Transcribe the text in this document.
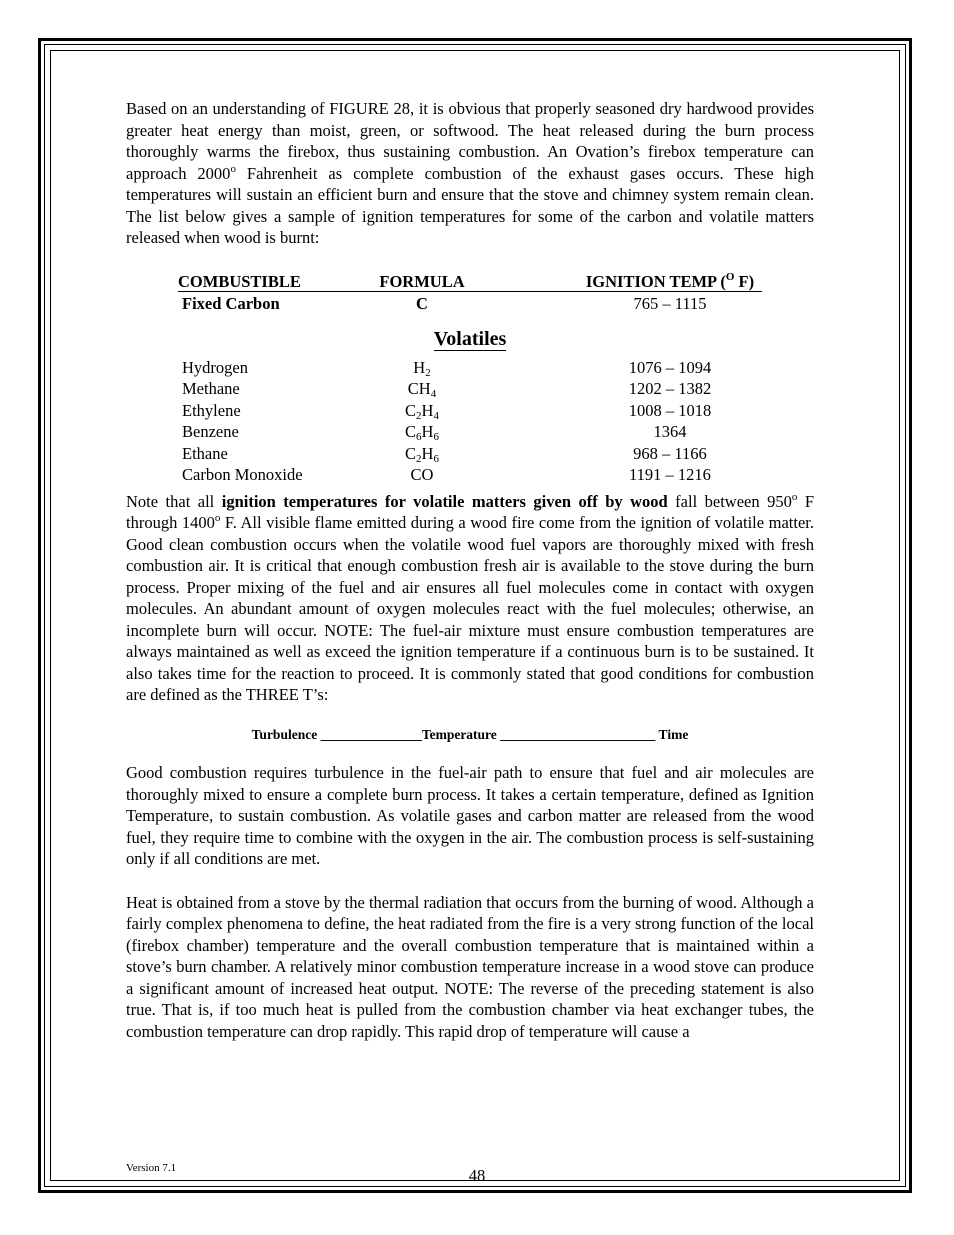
Based on an understanding of FIGURE 28, it is obvious that properly seasoned dry hardwood provides greater heat energy than moist, green, or softwood. The heat released during the burn process thoroughly warms the firebox, thus sustaining combustion. An Ovation’s firebox temperature can approach 2000$^o$ Fahrenheit as complete combustion of the exhaust gases occurs. These high temperatures will sustain an efficient burn and ensure that the stove and chimney system remain clean. The list below gives a sample of ignition temperatures for some of the carbon and volatile matters released when wood is burnt:

COMBUSTIBLE	FORMULA	IGNITION TEMP ($^O$ F)
Fixed Carbon	C	765 – 1115
Volatiles
Hydrogen	$H_2$	1076 – 1094
Methane	$CH_4$	1202 – 1382
Ethylene	$C_2H_4$	1008 – 1018
Benzene	$C_6H_6$	1364
Ethane	$C_2H_6$	968 – 1166
Carbon Monoxide	CO	1191 – 1216

Note that all ignition temperatures for volatile matters given off by wood fall between 950$^o$ F through 1400$^o$ F. All visible flame emitted during a wood fire come from the ignition of volatile matter. Good clean combustion occurs when the volatile wood fuel vapors are thoroughly mixed with fresh combustion air. It is critical that enough combustion fresh air is available to the stove during the burn process. Proper mixing of the fuel and air ensures all fuel molecules come in contact with oxygen molecules. An abundant amount of oxygen molecules react with the fuel molecules; otherwise, an incomplete burn will occur. NOTE: The fuel-air mixture must ensure combustion temperatures are always maintained as well as exceed the ignition temperature if a continuous burn is to be sustained. It also takes time for the reaction to proceed. It is commonly stated that good conditions for combustion are defined as the THREE T’s:

Turbulence _______________Temperature _______________________ Time

Good combustion requires turbulence in the fuel-air path to ensure that fuel and air molecules are thoroughly mixed to ensure a complete burn process. It takes a certain temperature, defined as Ignition Temperature, to sustain combustion. As volatile gases and carbon matter are released from the wood fuel, they require time to combine with the oxygen in the air. The combustion process is self-sustaining only if all conditions are met.

Heat is obtained from a stove by the thermal radiation that occurs from the burning of wood. Although a fairly complex phenomena to define, the heat radiated from the fire is a very strong function of the local (firebox chamber) temperature and the overall combustion temperature that is maintained within a stove’s burn chamber. A relatively minor combustion temperature increase in a wood stove can produce a significant amount of increased heat output. NOTE: The reverse of the preceding statement is also true. That is, if too much heat is pulled from the combustion chamber via heat exchanger tubes, the combustion temperature can drop rapidly. This rapid drop of temperature will cause a

Version 7.1	48
